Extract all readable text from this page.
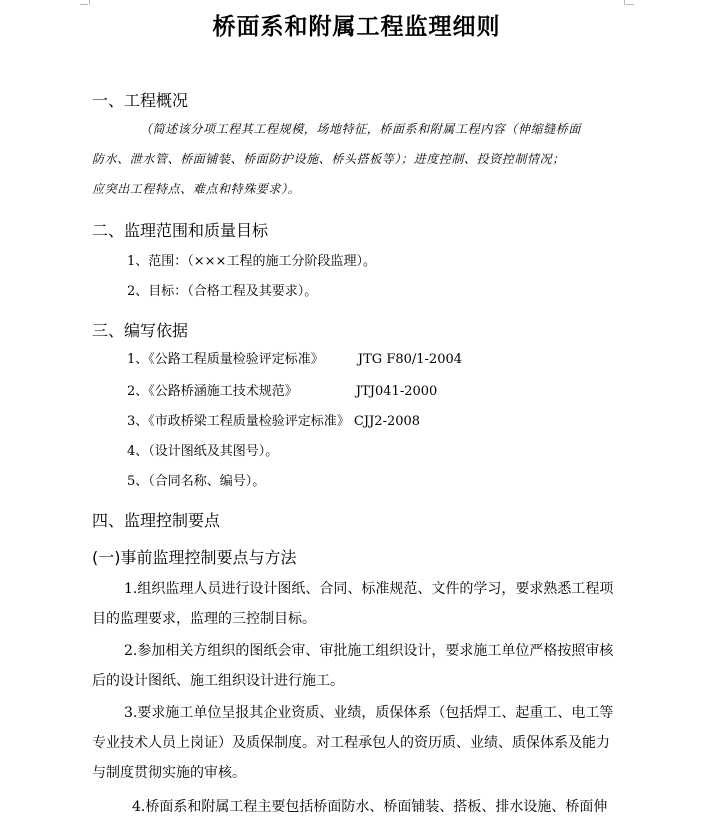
桥面系和附属工程监理细则
一、工程概况
（简述该分项工程其工程规模，场地特征，桥面系和附属工程内容（伸缩缝桥面
防水、泄水管、桥面铺装、桥面防护设施、桥头搭板等）；进度控制、投资控制情况；
应突出工程特点、难点和特殊要求）。
二、监理范围和质量目标
1、范围：（×××工程的施工分阶段监理）。
2、目标：（合格工程及其要求）。
三、编写依据
1、《公路工程质量检验评定标准》	JTG F80/1-2004
2、《公路桥涵施工技术规范》	JTJ041-2000
3、《市政桥梁工程质量检验评定标准》 CJJ2-2008
4、（设计图纸及其图号）。
5、（合同名称、编号）。
四、监理控制要点
(一)事前监理控制要点与方法
1.组织监理人员进行设计图纸、合同、标准规范、文件的学习，要求熟悉工程项
目的监理要求，监理的三控制目标。
2.参加相关方组织的图纸会审、审批施工组织设计，要求施工单位严格按照审核
后的设计图纸、施工组织设计进行施工。
3.要求施工单位呈报其企业资质、业绩，质保体系（包括焊工、起重工、电工等
专业技术人员上岗证）及质保制度。对工程承包人的资历质、业绩、质保体系及能力
与制度贯彻实施的审核。
4.桥面系和附属工程主要包括桥面防水、桥面铺装、搭板、排水设施、桥面伸
